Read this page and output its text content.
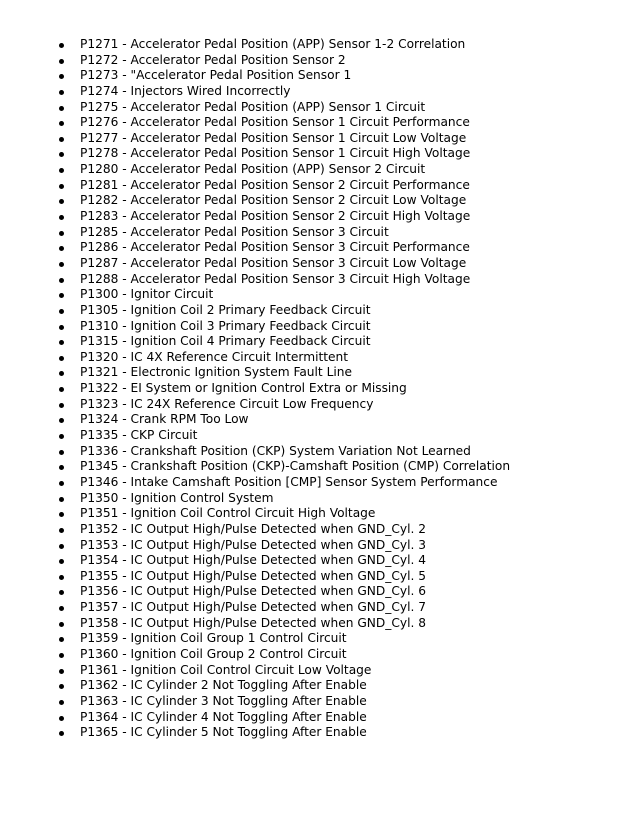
P1271 - Accelerator Pedal Position (APP) Sensor 1-2 Correlation
P1272 - Accelerator Pedal Position Sensor 2
P1273 - "Accelerator Pedal Position Sensor 1
P1274 - Injectors Wired Incorrectly
P1275 - Accelerator Pedal Position (APP) Sensor 1 Circuit
P1276 - Accelerator Pedal Position Sensor 1 Circuit Performance
P1277 - Accelerator Pedal Position Sensor 1 Circuit Low Voltage
P1278 - Accelerator Pedal Position Sensor 1 Circuit High Voltage
P1280 - Accelerator Pedal Position (APP) Sensor 2 Circuit
P1281 - Accelerator Pedal Position Sensor 2 Circuit Performance
P1282 - Accelerator Pedal Position Sensor 2 Circuit Low Voltage
P1283 - Accelerator Pedal Position Sensor 2 Circuit High Voltage
P1285 - Accelerator Pedal Position Sensor 3 Circuit
P1286 - Accelerator Pedal Position Sensor 3 Circuit Performance
P1287 - Accelerator Pedal Position Sensor 3 Circuit Low Voltage
P1288 - Accelerator Pedal Position Sensor 3 Circuit High Voltage
P1300 - Ignitor Circuit
P1305 - Ignition Coil 2 Primary Feedback Circuit
P1310 - Ignition Coil 3 Primary Feedback Circuit
P1315 - Ignition Coil 4 Primary Feedback Circuit
P1320 - IC 4X Reference Circuit Intermittent
P1321 - Electronic Ignition System Fault Line
P1322 - EI System or Ignition Control Extra or Missing
P1323 - IC 24X Reference Circuit Low Frequency
P1324 - Crank RPM Too Low
P1335 - CKP Circuit
P1336 - Crankshaft Position (CKP) System Variation Not Learned
P1345 - Crankshaft Position (CKP)-Camshaft Position (CMP) Correlation
P1346 - Intake Camshaft Position [CMP] Sensor System Performance
P1350 - Ignition Control System
P1351 - Ignition Coil Control Circuit High Voltage
P1352 - IC Output High/Pulse Detected when GND_Cyl. 2
P1353 - IC Output High/Pulse Detected when GND_Cyl. 3
P1354 - IC Output High/Pulse Detected when GND_Cyl. 4
P1355 - IC Output High/Pulse Detected when GND_Cyl. 5
P1356 - IC Output High/Pulse Detected when GND_Cyl. 6
P1357 - IC Output High/Pulse Detected when GND_Cyl. 7
P1358 - IC Output High/Pulse Detected when GND_Cyl. 8
P1359 - Ignition Coil Group 1 Control Circuit
P1360 - Ignition Coil Group 2 Control Circuit
P1361 - Ignition Coil Control Circuit Low Voltage
P1362 - IC Cylinder 2 Not Toggling After Enable
P1363 - IC Cylinder 3 Not Toggling After Enable
P1364 - IC Cylinder 4 Not Toggling After Enable
P1365 - IC Cylinder 5 Not Toggling After Enable
